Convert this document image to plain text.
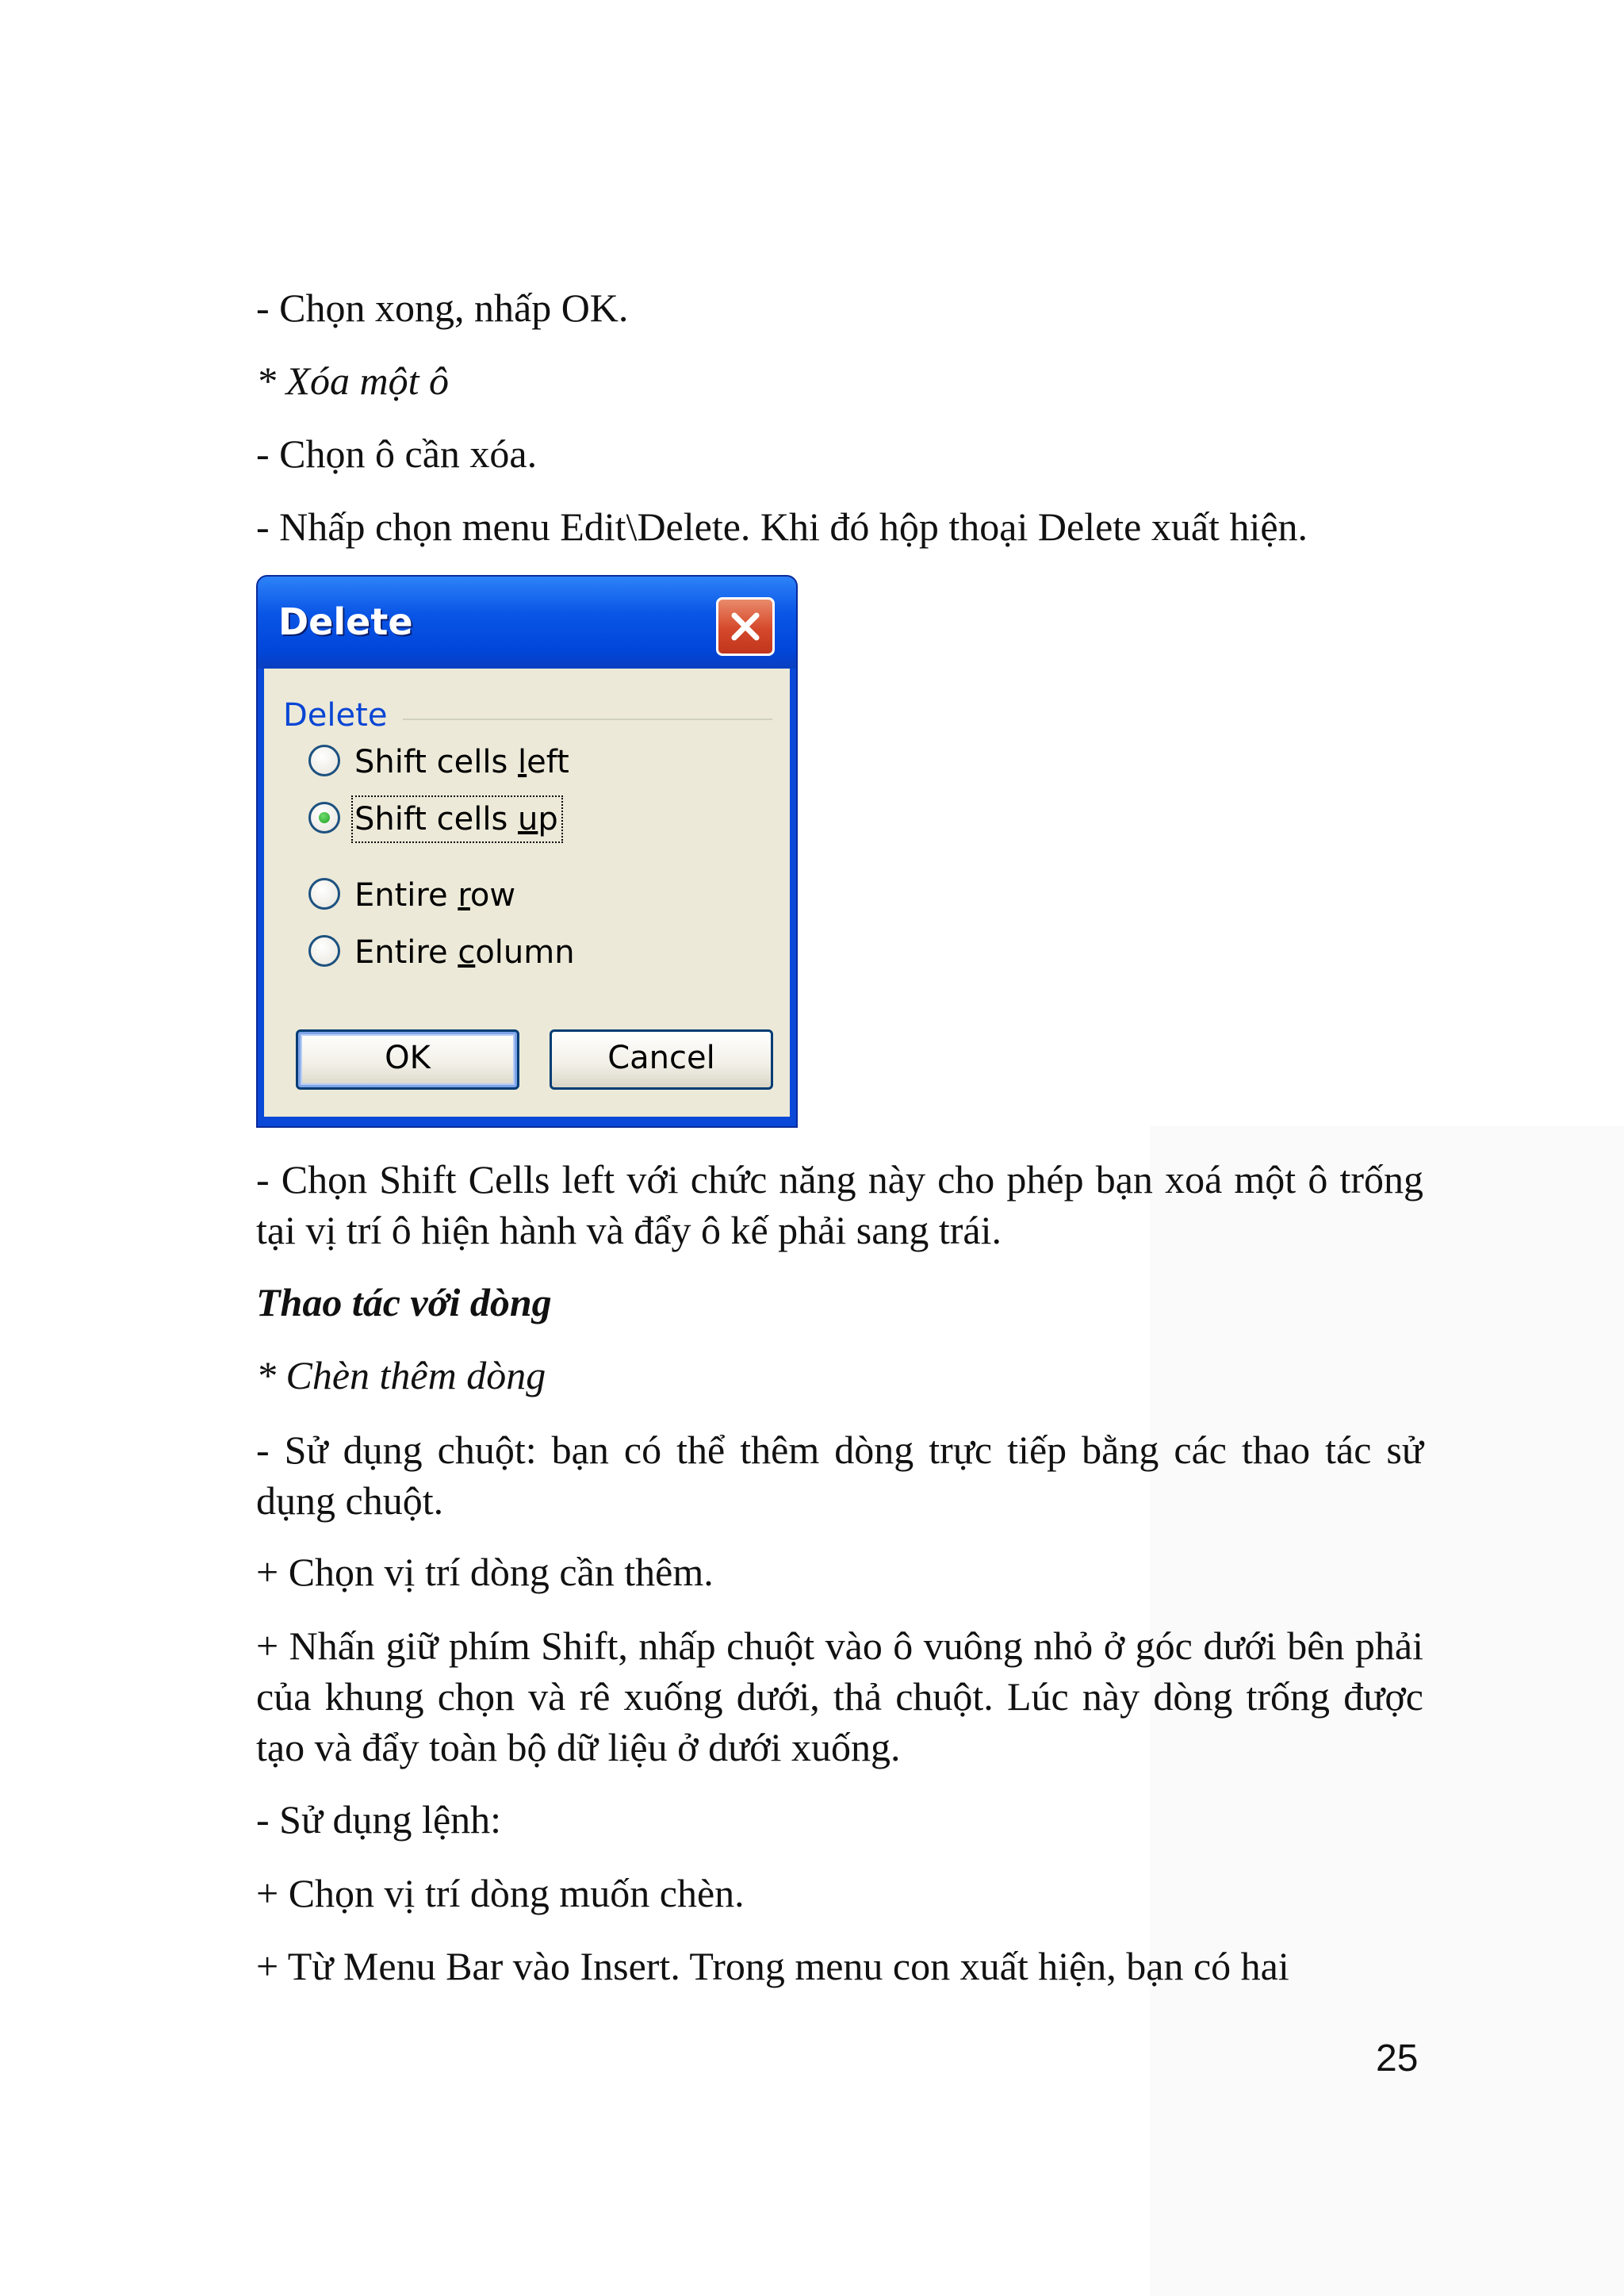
- Chọn xong, nhấp OK.
* Xóa một ô
- Chọn ô cần xóa.
- Nhấp chọn menu Edit\Delete. Khi đó hộp thoại Delete xuất hiện.
Delete
Delete
Shift cells left
Shift cells up
Entire row
Entire column
OK	Cancel
- Chọn Shift Cells left với chức năng này cho phép bạn xoá một ô trống tại vị trí ô hiện hành và đẩy ô kế phải sang trái.
Thao tác với dòng
* Chèn thêm dòng
- Sử dụng chuột: bạn có thể thêm dòng trực tiếp bằng các thao tác sử dụng chuột.
+ Chọn vị trí dòng cần thêm.
+ Nhấn giữ phím Shift, nhấp chuột vào ô vuông nhỏ ở góc dưới bên phải của khung chọn và rê xuống dưới, thả chuột. Lúc này dòng trống được tạo và đẩy toàn bộ dữ liệu ở dưới xuống.
- Sử dụng lệnh:
+ Chọn vị trí dòng muốn chèn.
+ Từ Menu Bar vào Insert. Trong menu con xuất hiện, bạn có hai
25
